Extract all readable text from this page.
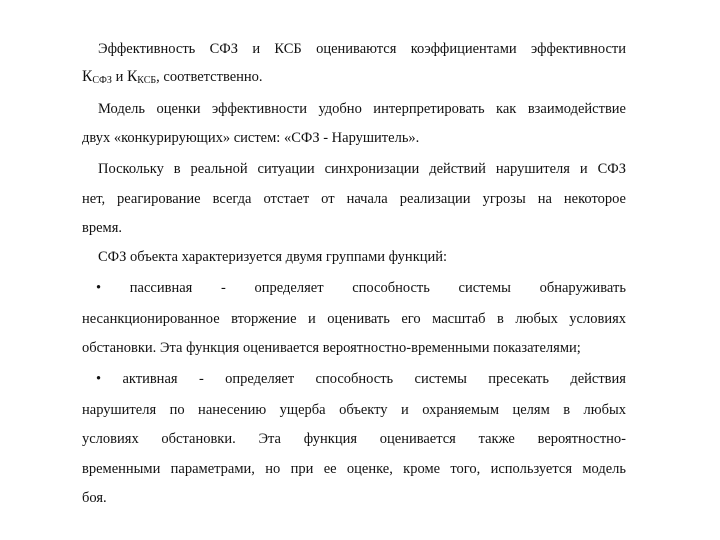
Эффективность СФЗ и КСБ оцениваются коэффициентами эффективности
КСФЗ и ККСБ, соответственно.
Модель оценки эффективности удобно интерпретировать как взаимодействие
двух «конкурирующих» систем: «СФЗ - Нарушитель».
Поскольку в реальной ситуации синхронизации действий нарушителя и СФЗ
нет, реагирование всегда отстает от начала реализации угрозы на некоторое
время.
СФЗ объекта характеризуется двумя группами функций:
• пассивная - определяет способность системы обнаруживать
несанкционированное вторжение и оценивать его масштаб в любых условиях
обстановки. Эта функция оценивается вероятностно-временными показателями;
• активная - определяет способность системы пресекать действия
нарушителя по нанесению ущерба объекту и охраняемым целям в любых
условиях обстановки. Эта функция оценивается также вероятностно-
временными параметрами, но при ее оценке, кроме того, используется модель
боя.
